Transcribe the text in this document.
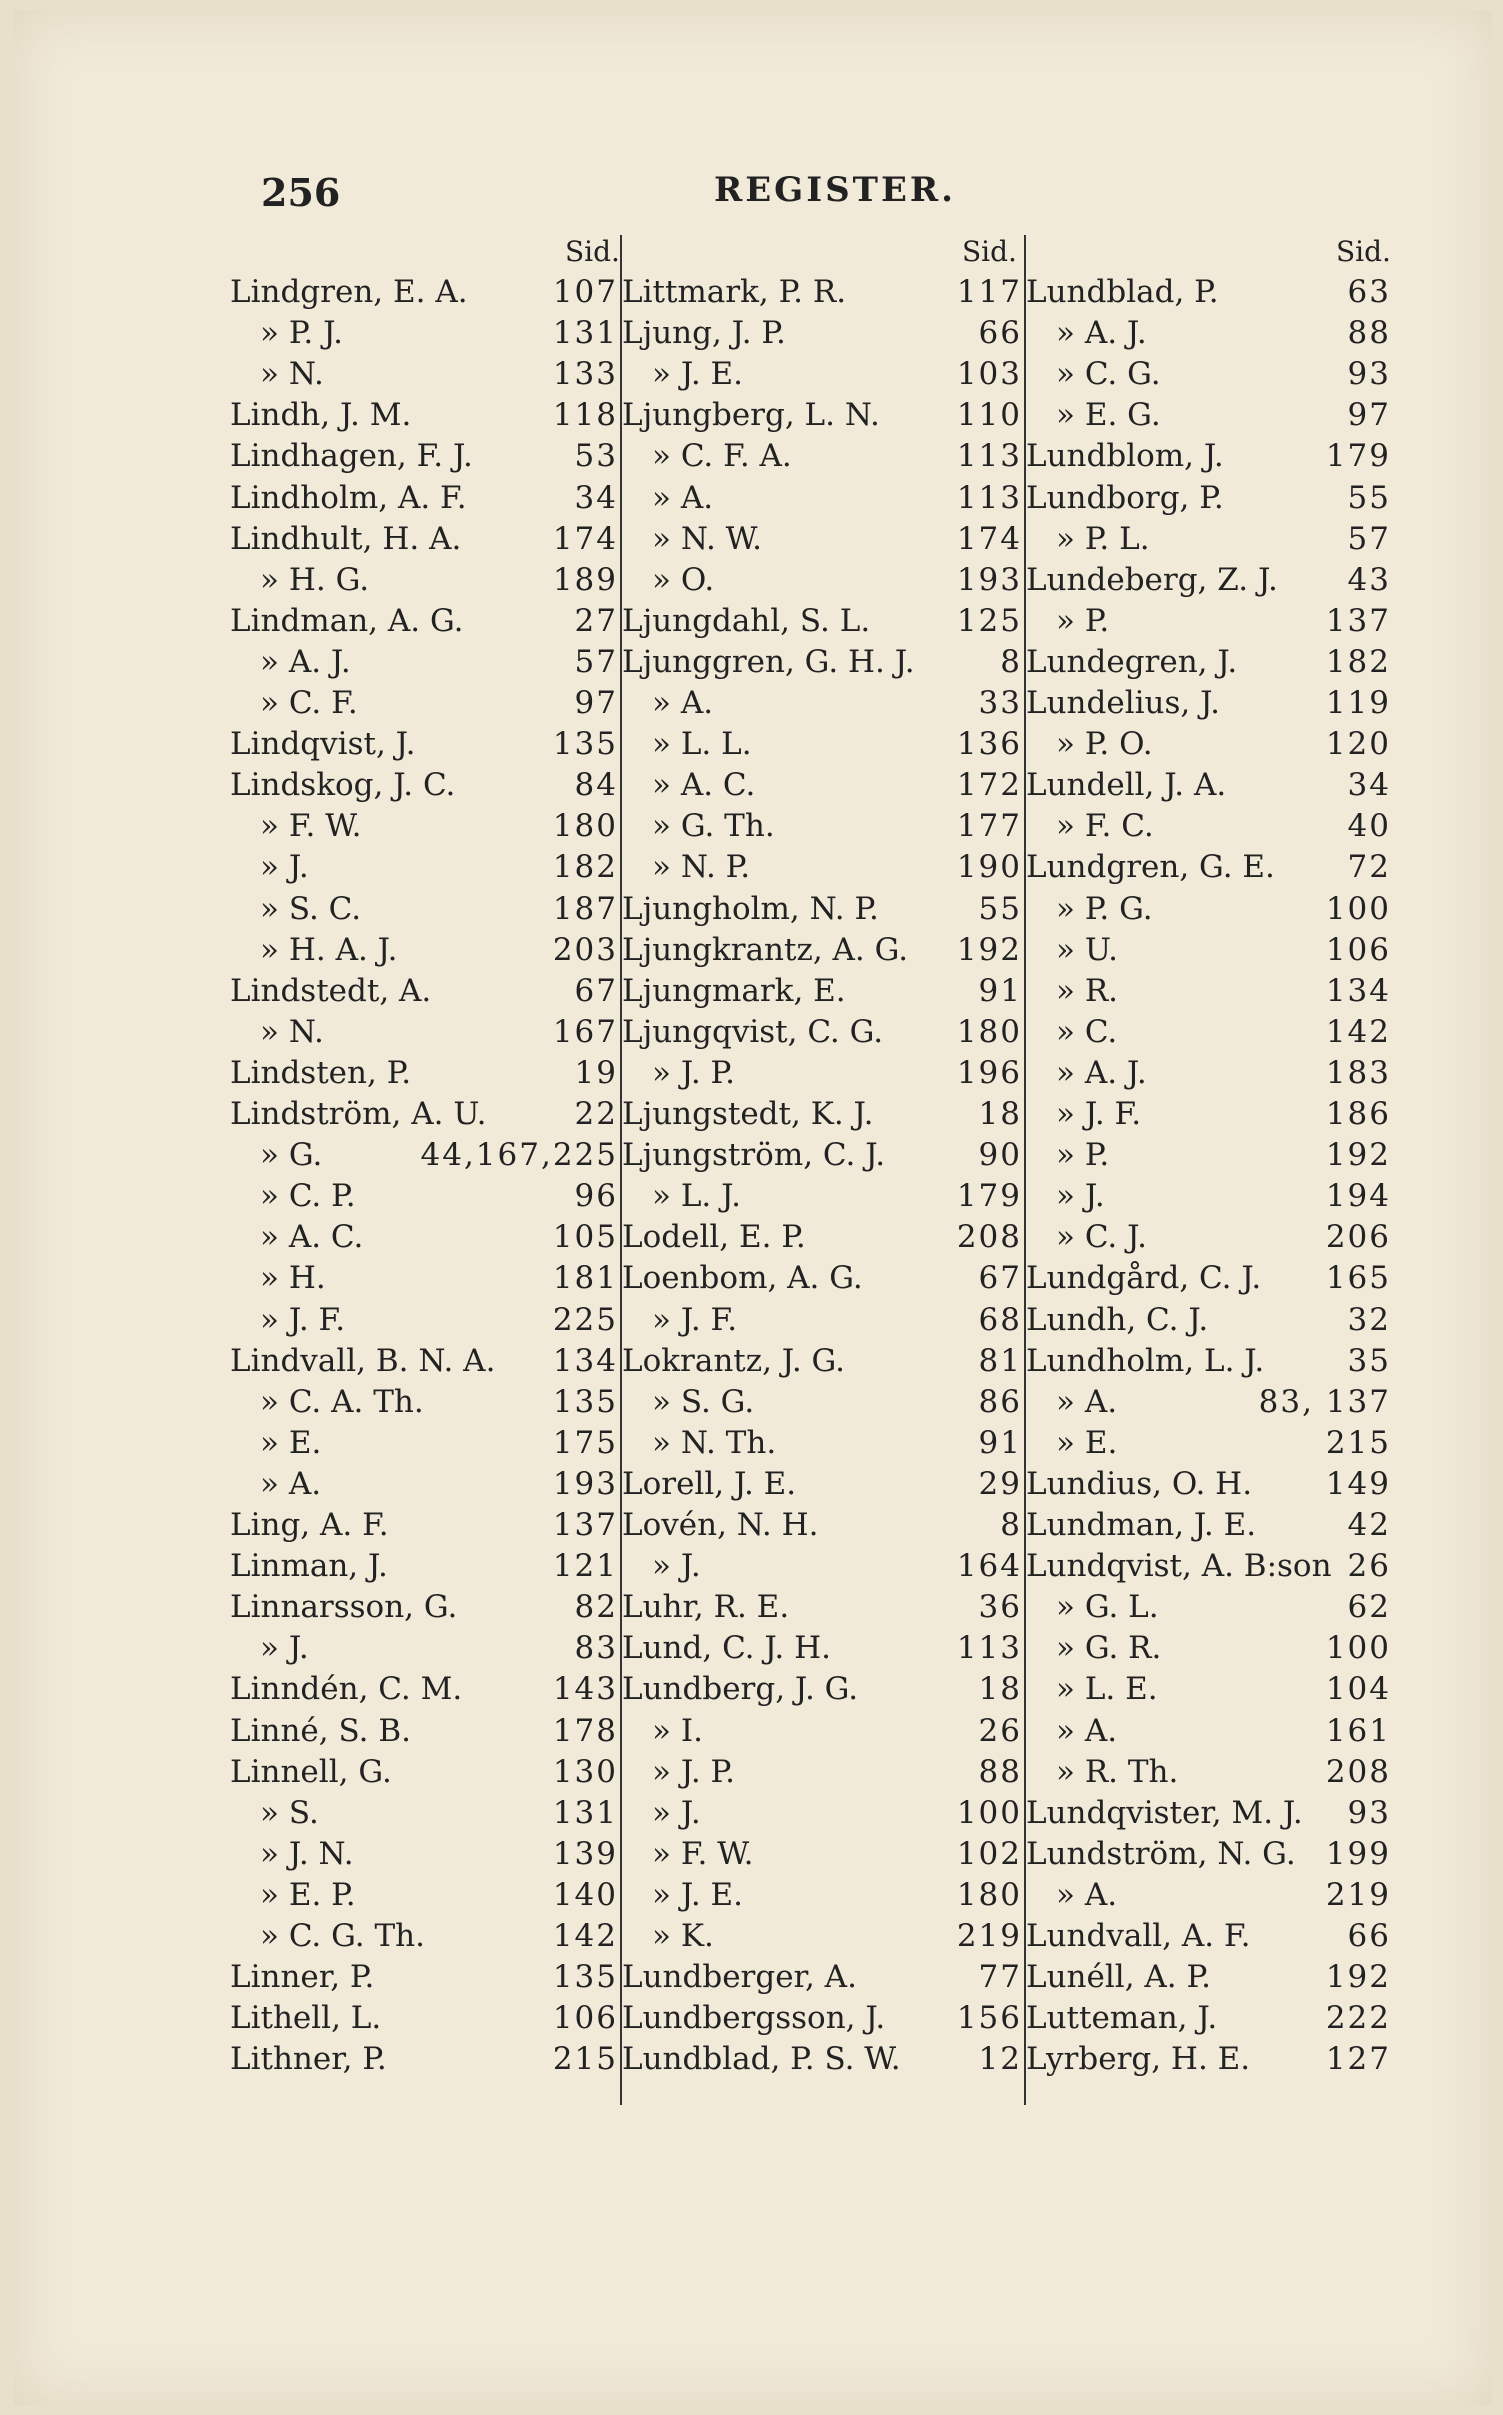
256	REGISTER.
Sid.
Lindgren, E. A.	107
» P. J.	131
» N.	133
Lindh, J. M.	118
Lindhagen, F. J.	53
Lindholm, A. F.	34
Lindhult, H. A.	174
» H. G.	189
Lindman, A. G.	27
» A. J.	57
» C. F.	97
Lindqvist, J.	135
Lindskog, J. C.	84
» F. W.	180
» J.	182
» S. C.	187
» H. A. J.	203
Lindstedt, A.	67
» N.	167
Lindsten, P.	19
Lindström, A. U.	22
» G.	44,167,225
» C. P.	96
» A. C.	105
» H.	181
» J. F.	225
Lindvall, B. N. A. 134
» C. A. Th.	135
» E.	175
» A.	193
Ling, A. F.	137
Linman, J.	121
Linnarsson, G.	82
» J.	83
Linndén, C. M.	143
Linné, S. B.	178
Linnell, G.	130
» S.	131
» J. N.	139
» E. P.	140
» C. G. Th.	142
Linner, P.	135
Lithell, L.	106
Lithner, P.	215
Sid.
Littmark, P. R.	117
Ljung, J. P.	66
» J. E.	103
Ljungberg, L. N. 110
» C. F. A.	113
» A.	113
» N. W.	174
» O.	193
Ljungdahl, S. L.	125
Ljunggren, G. H. J.	8
» A.	33
» L. L.	136
» A. C.	172
» G. Th.	177
» N. P.	190
Ljungholm, N. P.	55
Ljungkrantz, A. G. 192
Ljungmark, E.	91
Ljungqvist, C. G. 180
» J. P.	196
Ljungstedt, K. J.	18
Ljungström, C. J.	90
» L. J.	179
Lodell, E. P.	208
Loenbom, A. G.	67
» J. F.	68
Lokrantz, J. G.	81
» S. G.	86
» N. Th.	91
Lorell, J. E.	29
Lovén, N. H.	8
» J.	164
Luhr, R. E.	36
Lund, C. J. H.	113
Lundberg, J. G.	18
» I.	26
» J. P.	88
» J.	100
» F. W.	102
» J. E.	180
» K.	219
Lundberger, A.	77
Lundbergsson, J. 156
Lundblad, P. S. W.	12
Sid.
Lundblad, P.	63
» A. J.	88
» C. G.	93
» E. G.	97
Lundblom, J.	179
Lundborg, P.	55
» P. L.	57
Lundeberg, Z. J. 43
» P.	137
Lundegren, J.	182
Lundelius, J.	119
» P. O.	120
Lundell, J. A.	34
» F. C.	40
Lundgren, G. E. 72
» P. G.	100
» U.	106
» R.	134
» C.	142
» A. J.	183
» J. F.	186
» P.	192
» J.	194
» C. J.	206
Lundgård, C. J. 165
Lundh, C. J.	32
Lundholm, L. J.	35
» A.	83, 137
» E.	215
Lundius, O. H. 149
Lundman, J. E.	42
Lundqvist, A. B:son 26
» G. L.	62
» G. R.	100
» L. E.	104
» A.	161
» R. Th.	208
Lundqvister, M. J. 93
Lundström, N. G. 199
» A.	219
Lundvall, A. F.	66
Lunéll, A. P.	192
Lutteman, J.	222
Lyrberg, H. E. 127
